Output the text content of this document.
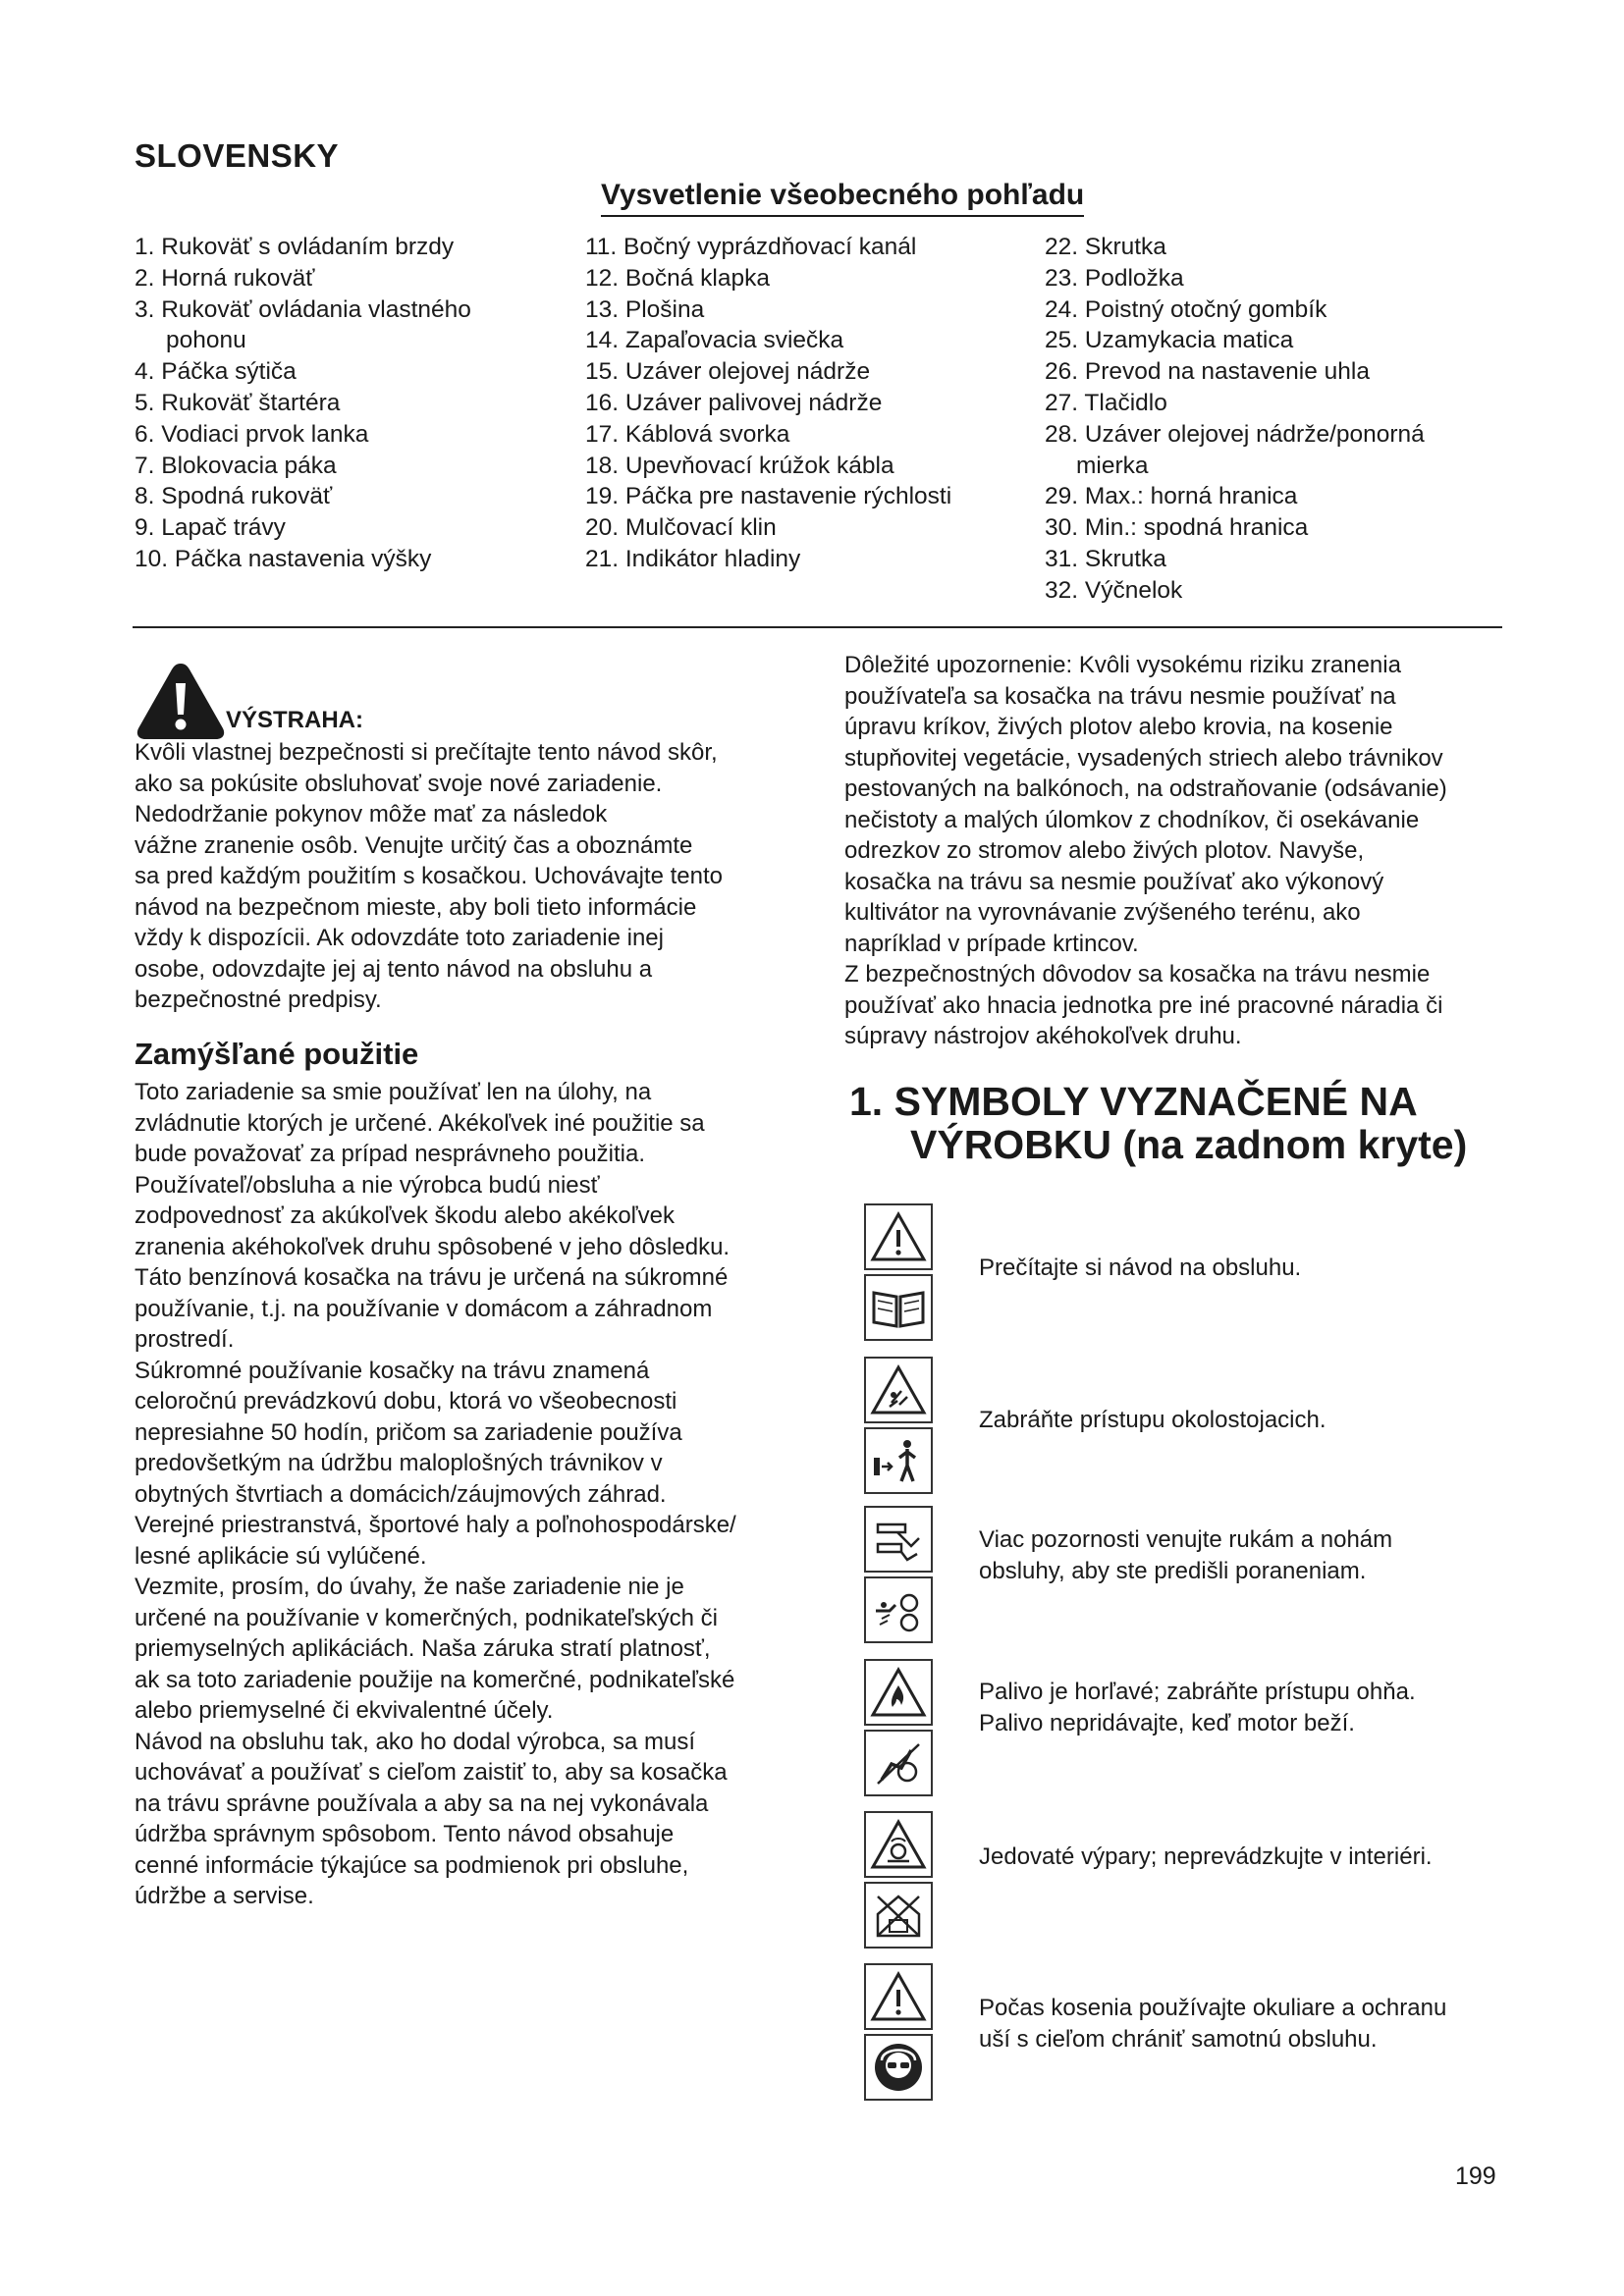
SLOVENSKY
Vysvetlenie všeobecného pohľadu
1. Rukoväť s ovládaním brzdy
2. Horná rukoväť
3. Rukoväť ovládania vlastného
pohonu
4. Páčka sýtiča
5. Rukoväť štartéra
6. Vodiaci prvok lanka
7. Blokovacia páka
8. Spodná rukoväť
9. Lapač trávy
10. Páčka nastavenia výšky
11. Bočný vyprázdňovací kanál
12. Bočná klapka
13. Plošina
14. Zapaľovacia sviečka
15. Uzáver olejovej nádrže
16. Uzáver palivovej nádrže
17. Káblová svorka
18. Upevňovací krúžok kábla
19. Páčka pre nastavenie rýchlosti
20. Mulčovací klin
21. Indikátor hladiny
22. Skrutka
23. Podložka
24. Poistný otočný gombík
25. Uzamykacia matica
26. Prevod na nastavenie uhla
27. Tlačidlo
28. Uzáver olejovej nádrže/ponorná
mierka
29. Max.: horná hranica
30. Min.: spodná hranica
31. Skrutka
32. Výčnelok
VÝSTRAHA:
Kvôli vlastnej bezpečnosti si prečítajte tento návod skôr,
ako sa pokúsite obsluhovať svoje nové zariadenie.
Nedodržanie pokynov môže mať za následok
vážne zranenie osôb. Venujte určitý čas a oboznámte
sa pred každým použitím s kosačkou. Uchovávajte tento
návod na bezpečnom mieste, aby boli tieto informácie
vždy k dispozícii. Ak odovzdáte toto zariadenie inej
osobe, odovzdajte jej aj tento návod na obsluhu a
bezpečnostné predpisy.
Zamýšľané použitie
Toto zariadenie sa smie používať len na úlohy, na
zvládnutie ktorých je určené. Akékoľvek iné použitie sa
bude považovať za prípad nesprávneho použitia.
Používateľ/obsluha a nie výrobca budú niesť
zodpovednosť za akúkoľvek škodu alebo akékoľvek
zranenia akéhokoľvek druhu spôsobené v jeho dôsledku.
Táto benzínová kosačka na trávu je určená na súkromné
používanie, t.j. na používanie v domácom a záhradnom
prostredí.
Súkromné používanie kosačky na trávu znamená
celoročnú prevádzkovú dobu, ktorá vo všeobecnosti
nepresiahne 50 hodín, pričom sa zariadenie používa
predovšetkým na údržbu maloplošných trávnikov v
obytných štvrtiach a domácich/záujmových záhrad.
Verejné priestranstvá, športové haly a poľnohospodárske/
lesné aplikácie sú vylúčené.
Vezmite, prosím, do úvahy, že naše zariadenie nie je
určené na používanie v komerčných, podnikateľských či
priemyselných aplikáciách. Naša záruka stratí platnosť,
ak sa toto zariadenie použije na komerčné, podnikateľské
alebo priemyselné či ekvivalentné účely.
Návod na obsluhu tak, ako ho dodal výrobca, sa musí
uchovávať a používať s cieľom zaistiť to, aby sa kosačka
na trávu správne používala a aby sa na nej vykonávala
údržba správnym spôsobom. Tento návod obsahuje
cenné informácie týkajúce sa podmienok pri obsluhe,
údržbe a servise.
Dôležité upozornenie: Kvôli vysokému riziku zranenia
používateľa sa kosačka na trávu nesmie používať na
úpravu kríkov, živých plotov alebo krovia, na kosenie
stupňovitej vegetácie, vysadených striech alebo trávnikov
pestovaných na balkónoch, na odstraňovanie (odsávanie)
nečistoty a malých úlomkov z chodníkov, či osekávanie
odrezkov zo stromov alebo živých plotov. Navyše,
kosačka na trávu sa nesmie používať ako výkonový
kultivátor na vyrovnávanie zvýšeného terénu, ako
napríklad v prípade krtincov.
Z bezpečnostných dôvodov sa kosačka na trávu nesmie
používať ako hnacia jednotka pre iné pracovné náradia či
súpravy nástrojov akéhokoľvek druhu.
1. SYMBOLY VYZNAČENÉ NA
VÝROBKU (na zadnom kryte)
Prečítajte si návod na obsluhu.
Zabráňte prístupu okolostojacich.
Viac pozornosti venujte rukám a nohám
obsluhy, aby ste predišli poraneniam.
Palivo je horľavé; zabráňte prístupu ohňa.
Palivo nepridávajte, keď motor beží.
Jedovaté výpary; neprevádzkujte v interiéri.
Počas kosenia používajte okuliare a ochranu
uší s cieľom chrániť samotnú obsluhu.
199
